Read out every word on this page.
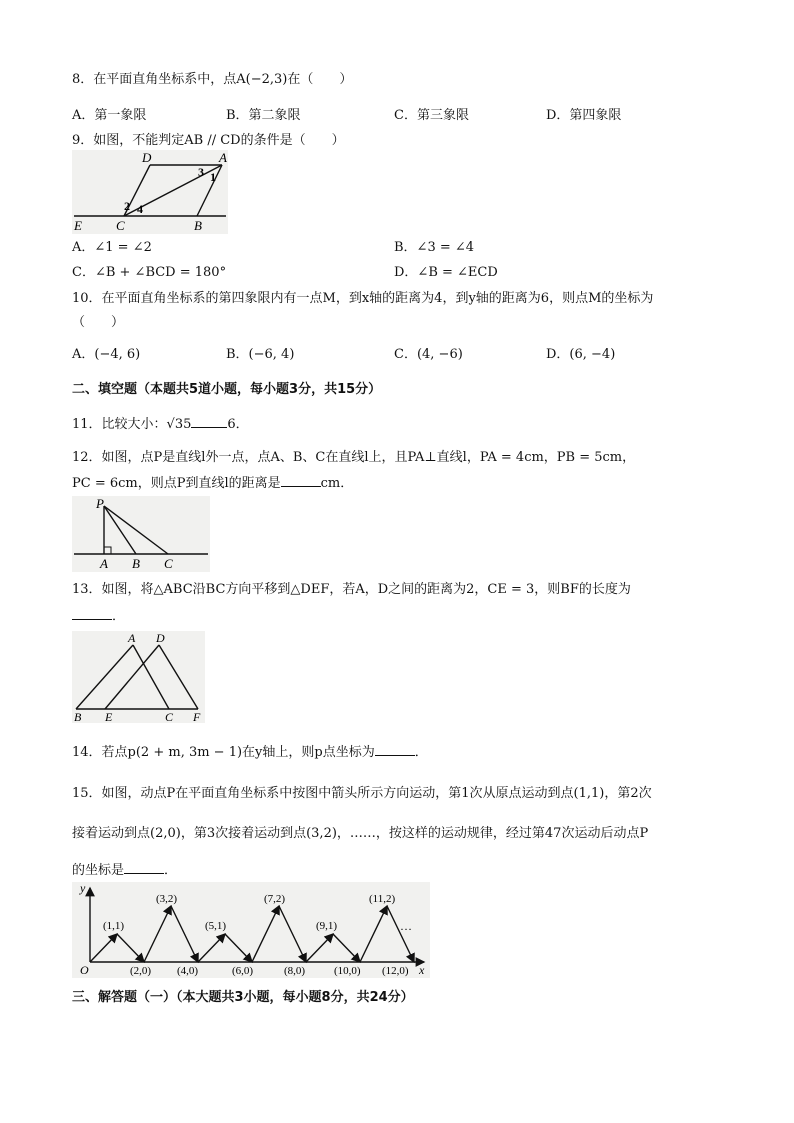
8．在平面直角坐标系中，点A(−2,3)在（　　）
A．第一象限	B．第二象限	C．第三象限	D．第四象限
9．如图，不能判定AB // CD的条件是（　　）
D	A
E	C	B
1
2
3
4
A．∠1 = ∠2	B．∠3 = ∠4
C．∠B + ∠BCD = 180°	D．∠B = ∠ECD
10．在平面直角坐标系的第四象限内有一点M，到x轴的距离为4，到y轴的距离为6，则点M的坐标为
（　　）
A．(−4, 6)	B．(−6, 4)	C．(4, −6)	D．(6, −4)
二、填空题（本题共5道小题，每小题3分，共15分）
11．比较大小：√35	6．
12．如图，点P是直线l外一点，点A、B、C在直线l上，且PA⊥直线l，PA = 4cm，PB = 5cm，
PC = 6cm，则点P到直线l的距离是	cm．
P
A B C
13．如图，将△ABC沿BC方向平移到△DEF，若A，D之间的距离为2，CE = 3，则BF的长度为
．
A D
B E	C F
14．若点p(2 + m, 3m − 1)在y轴上，则p点坐标为	．
15．如图，动点P在平面直角坐标系中按图中箭头所示方向运动，第1次从原点运动到点(1,1)，第2次
接着运动到点(2,0)，第3次接着运动到点(3,2)，……，按这样的运动规律，经过第47次运动后动点P
的坐标是	．
y
x
O
…
(1,1)
(2,0)
(3,2)
(4,0)
(5,1)
(6,0)
(7,2)
(8,0)
(9,1)
(10,0)
(11,2)
(12,0)
三、解答题（一）（本大题共3小题，每小题8分，共24分）
